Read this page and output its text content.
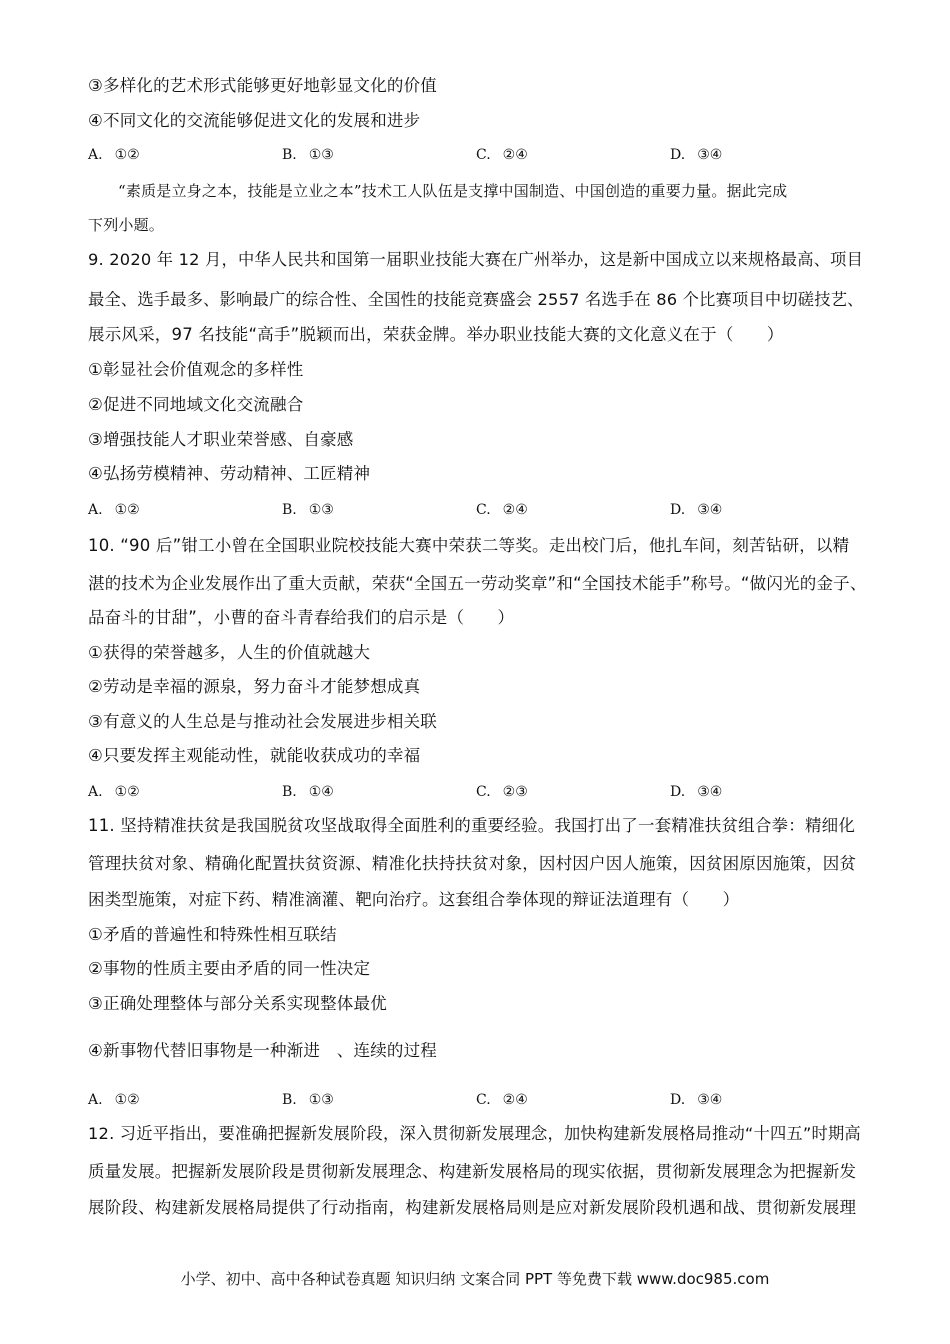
③多样化的艺术形式能够更好地彰显文化的价值
④不同文化的交流能够促进文化的发展和进步
A. ①②	B. ①③	C. ②④	D. ③④
“素质是立身之本，技能是立业之本”技术工人队伍是支撑中国制造、中国创造的重要力量。据此完成
下列小题。
9. 2020 年 12 月，中华人民共和国第一届职业技能大赛在广州举办，这是新中国成立以来规格最高、项目
最全、选手最多、影响最广的综合性、全国性的技能竞赛盛会 2557 名选手在 86 个比赛项目中切磋技艺、
展示风采，97 名技能“高手”脱颖而出，荣获金牌。举办职业技能大赛的文化意义在于（　　）
①彰显社会价值观念的多样性
②促进不同地域文化交流融合
③增强技能人才职业荣誉感、自豪感
④弘扬劳模精神、劳动精神、工匠精神
A. ①②	B. ①③	C. ②④	D. ③④
10. “90 后”钳工小曾在全国职业院校技能大赛中荣获二等奖。走出校门后，他扎车间，刻苦钻研，以精
湛的技术为企业发展作出了重大贡献，荣获“全国五一劳动奖章”和“全国技术能手”称号。“做闪光的金子、
品奋斗的甘甜”，小曹的奋斗青春给我们的启示是（　　）
①获得的荣誉越多，人生的价值就越大
②劳动是幸福的源泉，努力奋斗才能梦想成真
③有意义的人生总是与推动社会发展进步相关联
④只要发挥主观能动性，就能收获成功的幸福
A. ①②	B. ①④	C. ②③	D. ③④
11. 坚持精准扶贫是我国脱贫攻坚战取得全面胜利的重要经验。我国打出了一套精准扶贫组合拳：精细化
管理扶贫对象、精确化配置扶贫资源、精准化扶持扶贫对象，因村因户因人施策，因贫困原因施策，因贫
困类型施策，对症下药、精准滴灌、靶向治疗。这套组合拳体现的辩证法道理有（　　）
①矛盾的普遍性和特殊性相互联结
②事物的性质主要由矛盾的同一性决定
③正确处理整体与部分关系实现整体最优
④新事物代替旧事物是一种渐进　、连续的过程
A. ①②	B. ①③	C. ②④	D. ③④
12. 习近平指出，要准确把握新发展阶段，深入贯彻新发展理念，加快构建新发展格局推动“十四五”时期高
质量发展。把握新发展阶段是贯彻新发展理念、构建新发展格局的现实依据，贯彻新发展理念为把握新发
展阶段、构建新发展格局提供了行动指南，构建新发展格局则是应对新发展阶段机遇和战、贯彻新发展理
小学、初中、高中各种试卷真题 知识归纳 文案合同 PPT 等免费下载 www.doc985.com
